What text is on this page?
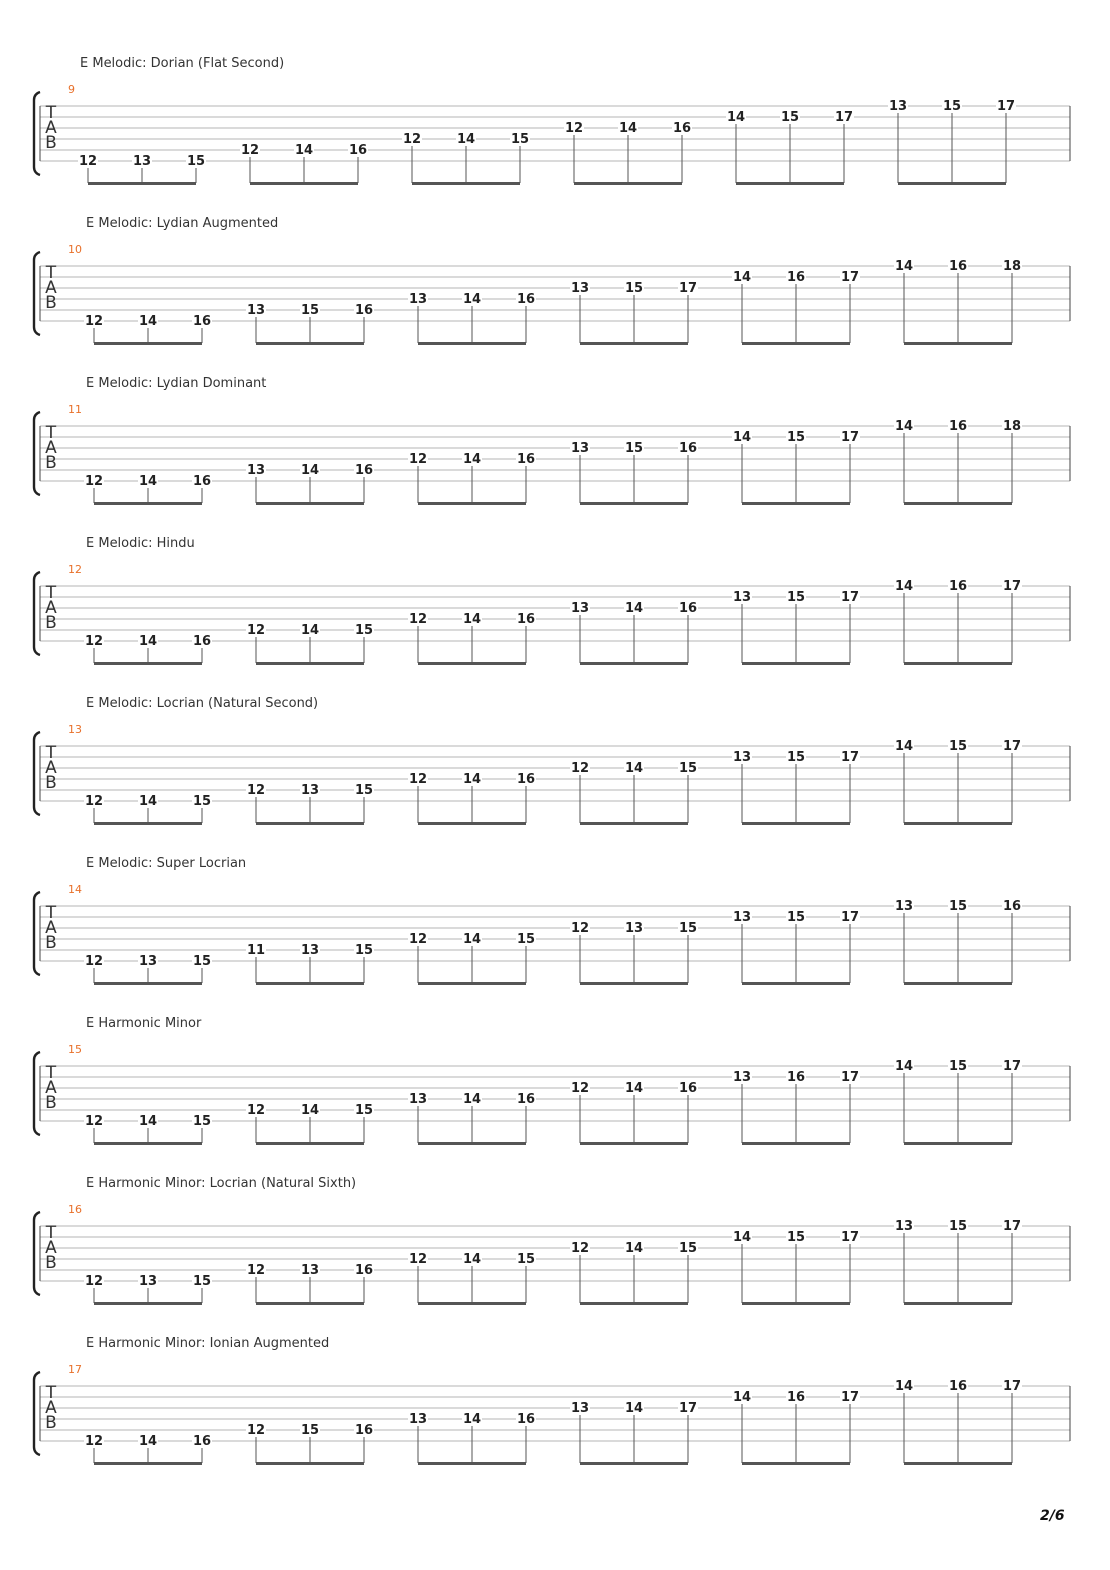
E Melodic: Dorian (Flat Second)
9
T
A
B
12	13	15
12	14	16
12	14	15
12	14	16
14	15	17
13	15	17
E Melodic: Lydian Augmented
10
T
A
B
12	14	16
13	15	16
13	14	16
13	15	17
14	16	17
14	16	18
E Melodic: Lydian Dominant
11
T
A
B
12	14	16
13	14	16
12	14	16
13	15	16
14	15	17
14	16	18
E Melodic: Hindu
12
T
A
B
12	14	16
12	14	15
12	14	16
13	14	16
13	15	17
14	16	17
E Melodic: Locrian (Natural Second)
13
T
A
B
12	14	15
12	13	15
12	14	16
12	14	15
13	15	17
14	15	17
E Melodic: Super Locrian
14
T
A
B
12	13	15
11	13	15
12	14	15
12	13	15
13	15	17
13	15	16
E Harmonic Minor
15
T
A
B
12	14	15
12	14	15
13	14	16
12	14	16
13	16	17
14	15	17
E Harmonic Minor: Locrian (Natural Sixth)
16
T
A
B
12	13	15
12	13	16
12	14	15
12	14	15
14	15	17
13	15	17
E Harmonic Minor: Ionian Augmented
17
T
A
B
12	14	16
12	15	16
13	14	16
13	14	17
14	16	17
14	16	17
2/6
